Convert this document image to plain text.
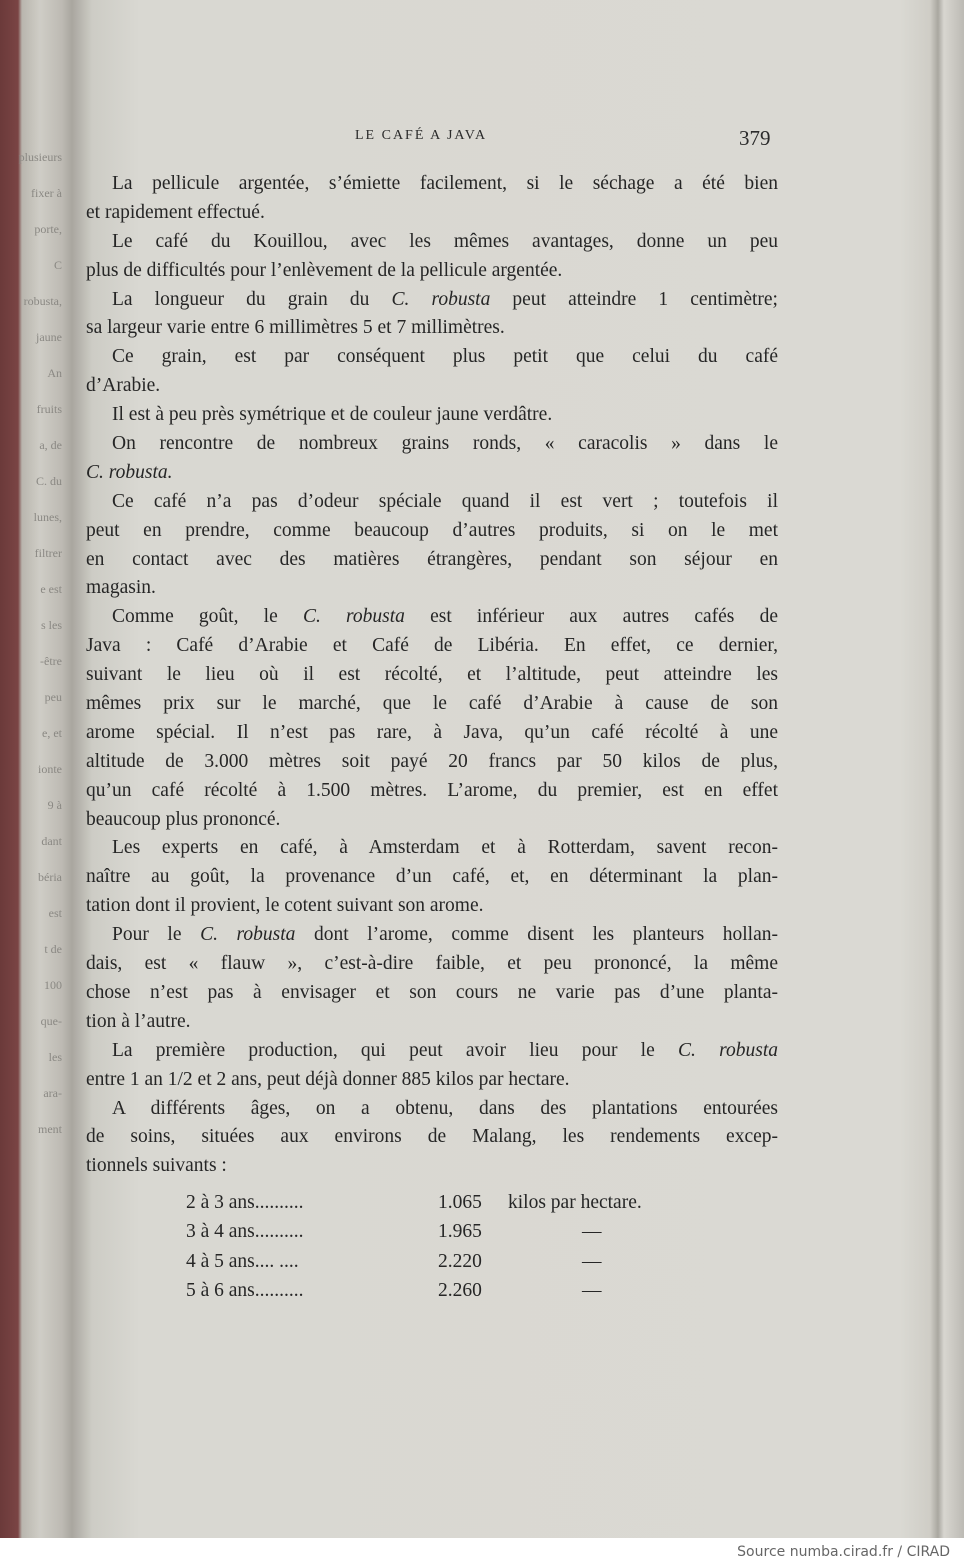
plusieurs
fixer à
porte,
C
robusta,
jaune
An
fruits
a, de
C. du
lunes,
filtrer
e est
s les
-être
peu
e, et
ionte
9 à
dant
béria
est
t de
100
que-
les
ara-
ment
LE CAFÉ A JAVA	379
La pellicule argentée, s’émiette facilement, si le séchage a été bien
et rapidement effectué.
Le café du Kouillou, avec les mêmes avantages, donne un peu
plus de difficultés pour l’enlèvement de la pellicule argentée.
La longueur du grain du C. robusta peut atteindre 1 centimètre;
sa largeur varie entre 6 millimètres 5 et 7 millimètres.
Ce grain, est par conséquent plus petit que celui du café
d’Arabie.
Il est à peu près symétrique et de couleur jaune verdâtre.
On rencontre de nombreux grains ronds, « caracolis » dans le
C. robusta.
Ce café n’a pas d’odeur spéciale quand il est vert ; toutefois il
peut en prendre, comme beaucoup d’autres produits, si on le met
en contact avec des matières étrangères, pendant son séjour en
magasin.
Comme goût, le C. robusta est inférieur aux autres cafés de
Java : Café d’Arabie et Café de Libéria. En effet, ce dernier,
suivant le lieu où il est récolté, et l’altitude, peut atteindre les
mêmes prix sur le marché, que le café d’Arabie à cause de son
arome spécial. Il n’est pas rare, à Java, qu’un café récolté à une
altitude de 3.000 mètres soit payé 20 francs par 50 kilos de plus,
qu’un café récolté à 1.500 mètres. L’arome, du premier, est en effet
beaucoup plus prononcé.
Les experts en café, à Amsterdam et à Rotterdam, savent recon-
naître au goût, la provenance d’un café, et, en déterminant la plan-
tation dont il provient, le cotent suivant son arome.
Pour le C. robusta dont l’arome, comme disent les planteurs hollan-
dais, est « flauw », c’est-à-dire faible, et peu prononcé, la même
chose n’est pas à envisager et son cours ne varie pas d’une planta-
tion à l’autre.
La première production, qui peut avoir lieu pour le C. robusta
entre 1 an 1/2 et 2 ans, peut déjà donner 885 kilos par hectare.
A différents âges, on a obtenu, dans des plantations entourées
de soins, situées aux environs de Malang, les rendements excep-
tionnels suivants :
2 à 3 ans..........	1.065 kilos par hectare.
3 à 4 ans..........	1.965	—
4 à 5 ans.... ....	2.220	—
5 à 6 ans..........	2.260	—
Source numba.cirad.fr / CIRAD
